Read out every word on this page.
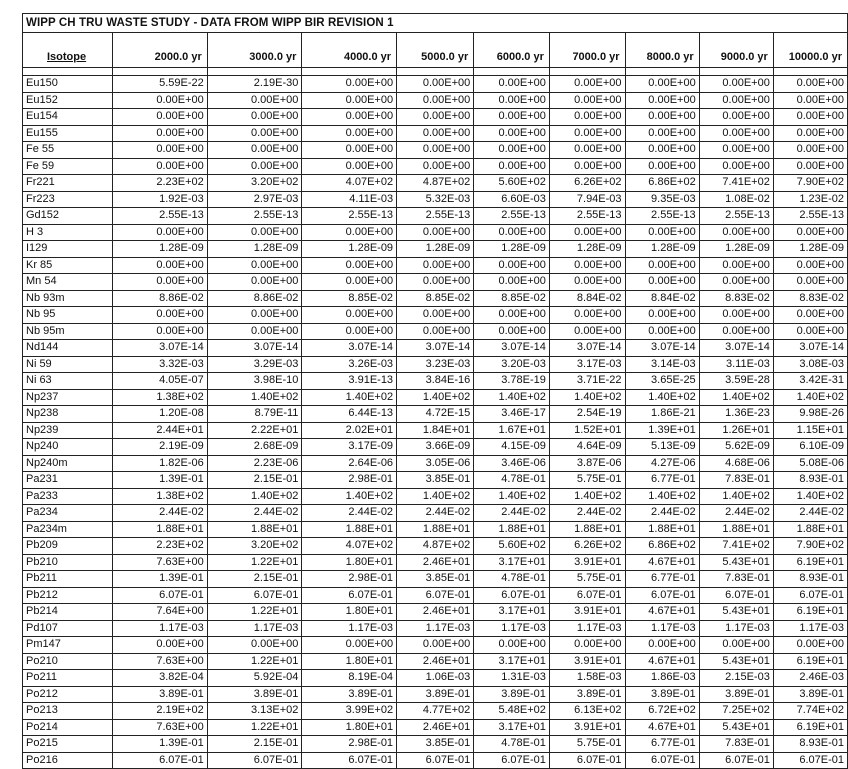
WIPP CH TRU WASTE STUDY - DATA FROM WIPP BIR REVISION 1									

Isotope	2000.0 yr	3000.0 yr	4000.0 yr	5000.0 yr	6000.0 yr	7000.0 yr	8000.0 yr	9000.0 yr	10000.0 yr

Eu150	5.59E-22	2.19E-30	0.00E+00	0.00E+00	0.00E+00	0.00E+00	0.00E+00	0.00E+00	0.00E+00
Eu152	0.00E+00	0.00E+00	0.00E+00	0.00E+00	0.00E+00	0.00E+00	0.00E+00	0.00E+00	0.00E+00
Eu154	0.00E+00	0.00E+00	0.00E+00	0.00E+00	0.00E+00	0.00E+00	0.00E+00	0.00E+00	0.00E+00
Eu155	0.00E+00	0.00E+00	0.00E+00	0.00E+00	0.00E+00	0.00E+00	0.00E+00	0.00E+00	0.00E+00
Fe 55	0.00E+00	0.00E+00	0.00E+00	0.00E+00	0.00E+00	0.00E+00	0.00E+00	0.00E+00	0.00E+00
Fe 59	0.00E+00	0.00E+00	0.00E+00	0.00E+00	0.00E+00	0.00E+00	0.00E+00	0.00E+00	0.00E+00
Fr221	2.23E+02	3.20E+02	4.07E+02	4.87E+02	5.60E+02	6.26E+02	6.86E+02	7.41E+02	7.90E+02
Fr223	1.92E-03	2.97E-03	4.11E-03	5.32E-03	6.60E-03	7.94E-03	9.35E-03	1.08E-02	1.23E-02
Gd152	2.55E-13	2.55E-13	2.55E-13	2.55E-13	2.55E-13	2.55E-13	2.55E-13	2.55E-13	2.55E-13
H 3	0.00E+00	0.00E+00	0.00E+00	0.00E+00	0.00E+00	0.00E+00	0.00E+00	0.00E+00	0.00E+00
I129	1.28E-09	1.28E-09	1.28E-09	1.28E-09	1.28E-09	1.28E-09	1.28E-09	1.28E-09	1.28E-09
Kr 85	0.00E+00	0.00E+00	0.00E+00	0.00E+00	0.00E+00	0.00E+00	0.00E+00	0.00E+00	0.00E+00
Mn 54	0.00E+00	0.00E+00	0.00E+00	0.00E+00	0.00E+00	0.00E+00	0.00E+00	0.00E+00	0.00E+00
Nb 93m	8.86E-02	8.86E-02	8.85E-02	8.85E-02	8.85E-02	8.84E-02	8.84E-02	8.83E-02	8.83E-02
Nb 95	0.00E+00	0.00E+00	0.00E+00	0.00E+00	0.00E+00	0.00E+00	0.00E+00	0.00E+00	0.00E+00
Nb 95m	0.00E+00	0.00E+00	0.00E+00	0.00E+00	0.00E+00	0.00E+00	0.00E+00	0.00E+00	0.00E+00
Nd144	3.07E-14	3.07E-14	3.07E-14	3.07E-14	3.07E-14	3.07E-14	3.07E-14	3.07E-14	3.07E-14
Ni 59	3.32E-03	3.29E-03	3.26E-03	3.23E-03	3.20E-03	3.17E-03	3.14E-03	3.11E-03	3.08E-03
Ni 63	4.05E-07	3.98E-10	3.91E-13	3.84E-16	3.78E-19	3.71E-22	3.65E-25	3.59E-28	3.42E-31
Np237	1.38E+02	1.40E+02	1.40E+02	1.40E+02	1.40E+02	1.40E+02	1.40E+02	1.40E+02	1.40E+02
Np238	1.20E-08	8.79E-11	6.44E-13	4.72E-15	3.46E-17	2.54E-19	1.86E-21	1.36E-23	9.98E-26
Np239	2.44E+01	2.22E+01	2.02E+01	1.84E+01	1.67E+01	1.52E+01	1.39E+01	1.26E+01	1.15E+01
Np240	2.19E-09	2.68E-09	3.17E-09	3.66E-09	4.15E-09	4.64E-09	5.13E-09	5.62E-09	6.10E-09
Np240m	1.82E-06	2.23E-06	2.64E-06	3.05E-06	3.46E-06	3.87E-06	4.27E-06	4.68E-06	5.08E-06
Pa231	1.39E-01	2.15E-01	2.98E-01	3.85E-01	4.78E-01	5.75E-01	6.77E-01	7.83E-01	8.93E-01
Pa233	1.38E+02	1.40E+02	1.40E+02	1.40E+02	1.40E+02	1.40E+02	1.40E+02	1.40E+02	1.40E+02
Pa234	2.44E-02	2.44E-02	2.44E-02	2.44E-02	2.44E-02	2.44E-02	2.44E-02	2.44E-02	2.44E-02
Pa234m	1.88E+01	1.88E+01	1.88E+01	1.88E+01	1.88E+01	1.88E+01	1.88E+01	1.88E+01	1.88E+01
Pb209	2.23E+02	3.20E+02	4.07E+02	4.87E+02	5.60E+02	6.26E+02	6.86E+02	7.41E+02	7.90E+02
Pb210	7.63E+00	1.22E+01	1.80E+01	2.46E+01	3.17E+01	3.91E+01	4.67E+01	5.43E+01	6.19E+01
Pb211	1.39E-01	2.15E-01	2.98E-01	3.85E-01	4.78E-01	5.75E-01	6.77E-01	7.83E-01	8.93E-01
Pb212	6.07E-01	6.07E-01	6.07E-01	6.07E-01	6.07E-01	6.07E-01	6.07E-01	6.07E-01	6.07E-01
Pb214	7.64E+00	1.22E+01	1.80E+01	2.46E+01	3.17E+01	3.91E+01	4.67E+01	5.43E+01	6.19E+01
Pd107	1.17E-03	1.17E-03	1.17E-03	1.17E-03	1.17E-03	1.17E-03	1.17E-03	1.17E-03	1.17E-03
Pm147	0.00E+00	0.00E+00	0.00E+00	0.00E+00	0.00E+00	0.00E+00	0.00E+00	0.00E+00	0.00E+00
Po210	7.63E+00	1.22E+01	1.80E+01	2.46E+01	3.17E+01	3.91E+01	4.67E+01	5.43E+01	6.19E+01
Po211	3.82E-04	5.92E-04	8.19E-04	1.06E-03	1.31E-03	1.58E-03	1.86E-03	2.15E-03	2.46E-03
Po212	3.89E-01	3.89E-01	3.89E-01	3.89E-01	3.89E-01	3.89E-01	3.89E-01	3.89E-01	3.89E-01
Po213	2.19E+02	3.13E+02	3.99E+02	4.77E+02	5.48E+02	6.13E+02	6.72E+02	7.25E+02	7.74E+02
Po214	7.63E+00	1.22E+01	1.80E+01	2.46E+01	3.17E+01	3.91E+01	4.67E+01	5.43E+01	6.19E+01
Po215	1.39E-01	2.15E-01	2.98E-01	3.85E-01	4.78E-01	5.75E-01	6.77E-01	7.83E-01	8.93E-01
Po216	6.07E-01	6.07E-01	6.07E-01	6.07E-01	6.07E-01	6.07E-01	6.07E-01	6.07E-01	6.07E-01
